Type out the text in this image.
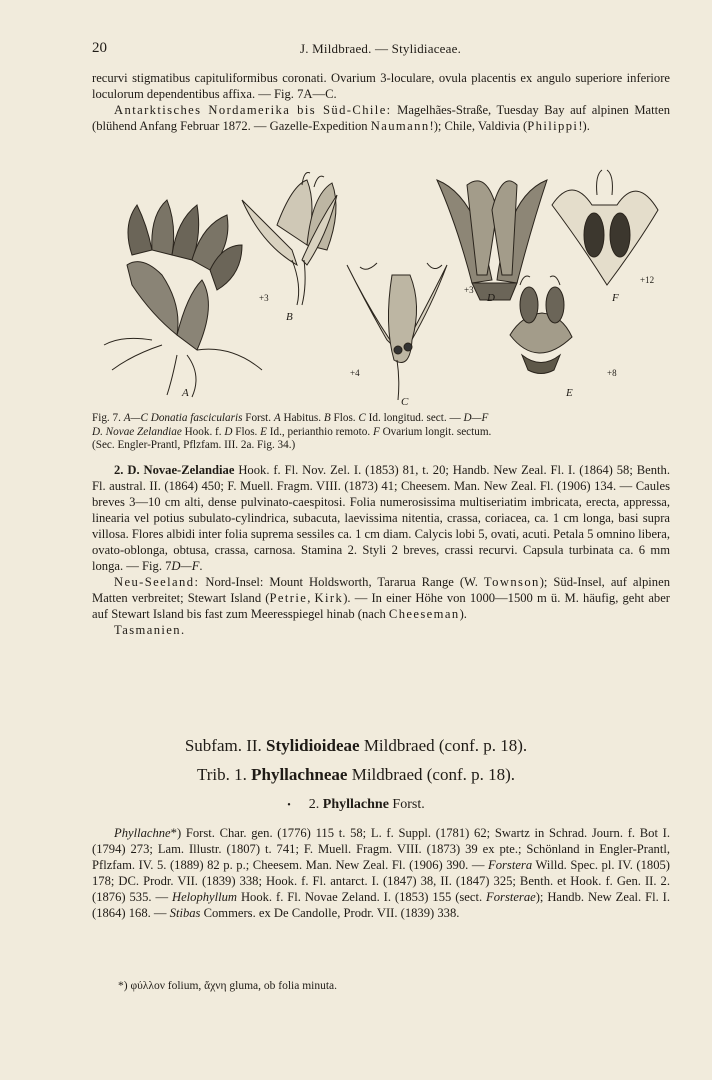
20	J. Mildbraed. — Stylidiaceae.

recurvi stigmatibus capituliformibus coronati. Ovarium 3-loculare, ovula placentis ex angulo superiore inferiore loculorum dependentibus affixa. — Fig. 7A—C.

Antarktisches Nordamerika bis Süd-Chile: Magelhães-Straße, Tuesday Bay auf alpinen Matten (blühend Anfang Februar 1872. — Gazelle-Expedition Naumann!); Chile, Valdivia (Philippi!).

A
B
+3
C
+4
D
+3
E
+8
F
+12

Fig. 7. A—C Donatia fascicularis Forst. A Habitus. B Flos. C Id. longitud. sect. — D—F

D. Novae Zelandiae Hook. f. D Flos. E Id., perianthio remoto. F Ovarium longit. sectum.

(Sec. Engler-Prantl, Pflzfam. III. 2a. Fig. 34.)

2. D. Novae-Zelandiae Hook. f. Fl. Nov. Zel. I. (1853) 81, t. 20; Handb. New Zeal. Fl. I. (1864) 58; Benth. Fl. austral. II. (1864) 450; F. Muell. Fragm. VIII. (1873) 41; Cheesem. Man. New Zeal. Fl. (1906) 134. — Caules breves 3—10 cm alti, dense pulvinato-caespitosi. Folia numerosissima multiseriatim imbricata, erecta, appressa, linearia vel potius subulato-cylindrica, subacuta, laevissima nitentia, crassa, coriacea, ca. 1 cm longa, basi supra villosa. Flores albidi inter folia suprema sessiles ca. 1 cm diam. Calycis lobi 5, ovati, acuti. Petala 5 omnino libera, ovato-oblonga, obtusa, crassa, carnosa. Stamina 2. Styli 2 breves, crassi recurvi. Capsula turbinata ca. 6 mm longa. — Fig. 7D—F.

Neu-Seeland: Nord-Insel: Mount Holdsworth, Tararua Range (W. Townson); Süd-Insel, auf alpinen Matten verbreitet; Stewart Island (Petrie, Kirk). — In einer Höhe von 1000—1500 m ü. M. häufig, geht aber auf Stewart Island bis fast zum Meeresspiegel hinab (nach Cheeseman).

Tasmanien.

Subfam. II. Stylidioideae Mildbraed (conf. p. 18).
Trib. 1. Phyllachneae Mildbraed (conf. p. 18).
• 2. Phyllachne Forst.

Phyllachne*) Forst. Char. gen. (1776) 115 t. 58; L. f. Suppl. (1781) 62; Swartz in Schrad. Journ. f. Bot I. (1794) 273; Lam. Illustr. (1807) t. 741; F. Muell. Fragm. VIII. (1873) 39 ex pte.; Schönland in Engler-Prantl, Pflzfam. IV. 5. (1889) 82 p. p.; Cheesem. Man. New Zeal. Fl. (1906) 390. — Forstera Willd. Spec. pl. IV. (1805) 178; DC. Prodr. VII. (1839) 338; Hook. f. Fl. antarct. I. (1847) 38, II. (1847) 325; Benth. et Hook. f. Gen. II. 2. (1876) 535. — Helophyllum Hook. f. Fl. Novae Zeland. I. (1853) 155 (sect. Forsterae); Handb. New Zeal. Fl. I. (1864) 168. — Stibas Commers. ex De Candolle, Prodr. VII. (1839) 338.

*) φύλλον folium, ἄχνη gluma, ob folia minuta.
